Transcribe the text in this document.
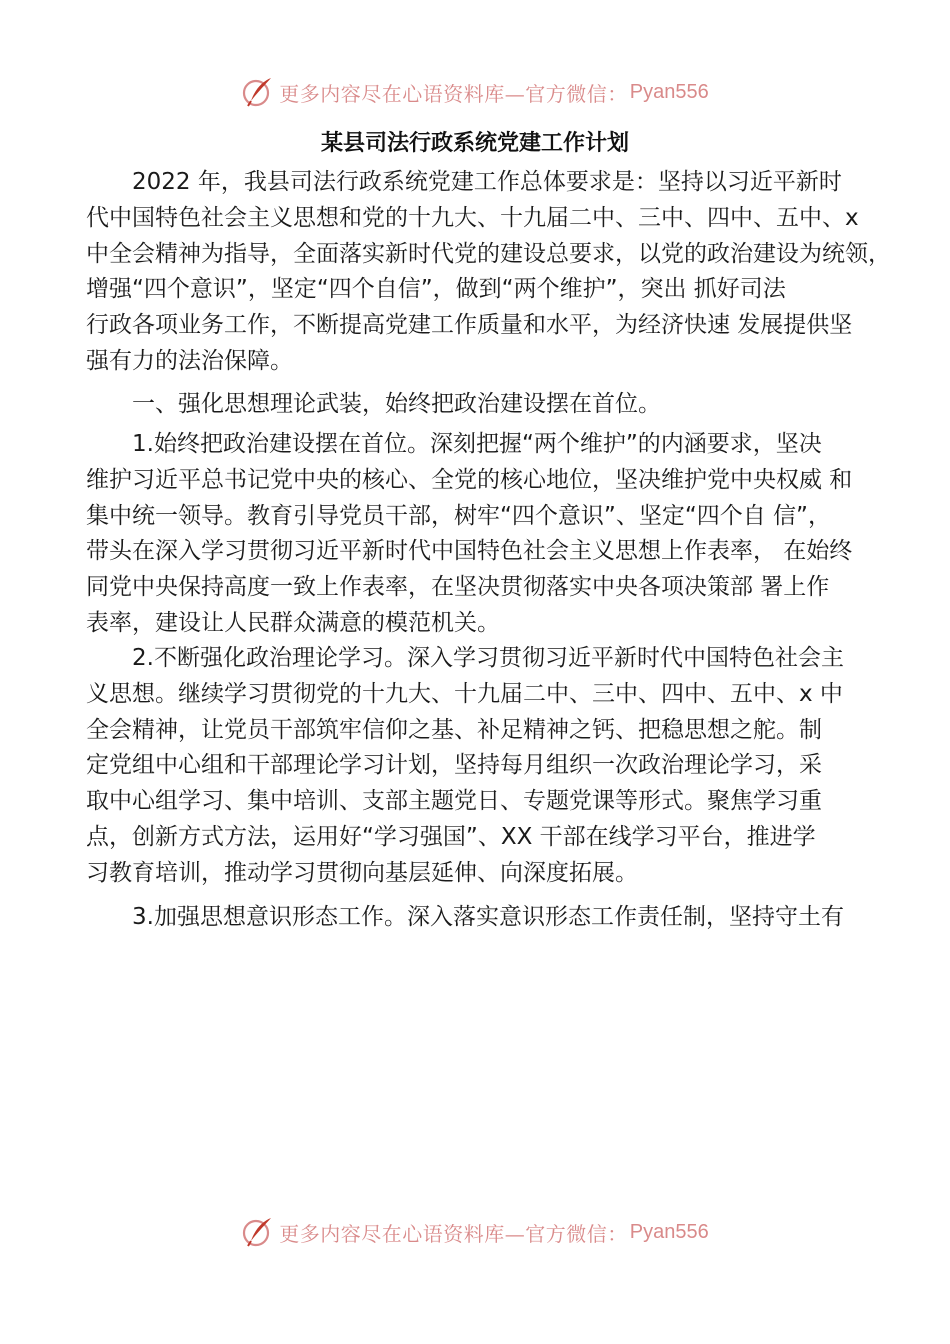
更多内容尽在心语资料库—官方微信： Pyan556
某县司法行政系统党建工作计划
2022 年，我县司法行政系统党建工作总体要求是：坚持以习近平新时
代中国特色社会主义思想和党的十九大、十九届二中、三中、四中、五中、x
中全会精神为指导，全面落实新时代党的建设总要求，以党的政治建设为统领，
增强“四个意识”，坚定“四个自信”，做到“两个维护”，突出 抓好司法
行政各项业务工作，不断提高党建工作质量和水平，为经济快速 发展提供坚
强有力的法治保障。
一、强化思想理论武装，始终把政治建设摆在首位。
1.始终把政治建设摆在首位。深刻把握“两个维护”的内涵要求，坚决
维护习近平总书记党中央的核心、全党的核心地位，坚决维护党中央权威 和
集中统一领导。教育引导党员干部，树牢“四个意识”、坚定“四个自 信”，
带头在深入学习贯彻习近平新时代中国特色社会主义思想上作表率， 在始终
同党中央保持高度一致上作表率，在坚决贯彻落实中央各项决策部 署上作
表率，建设让人民群众满意的模范机关。
2.不断强化政治理论学习。深入学习贯彻习近平新时代中国特色社会主
义思想。继续学习贯彻党的十九大、十九届二中、三中、四中、五中、x 中
全会精神，让党员干部筑牢信仰之基、补足精神之钙、把稳思想之舵。制
定党组中心组和干部理论学习计划，坚持每月组织一次政治理论学习，采
取中心组学习、集中培训、支部主题党日、专题党课等形式。聚焦学习重
点，创新方式方法，运用好“学习强国”、XX 干部在线学习平台，推进学
习教育培训，推动学习贯彻向基层延伸、向深度拓展。
3.加强思想意识形态工作。深入落实意识形态工作责任制，坚持守土有
更多内容尽在心语资料库—官方微信： Pyan556
